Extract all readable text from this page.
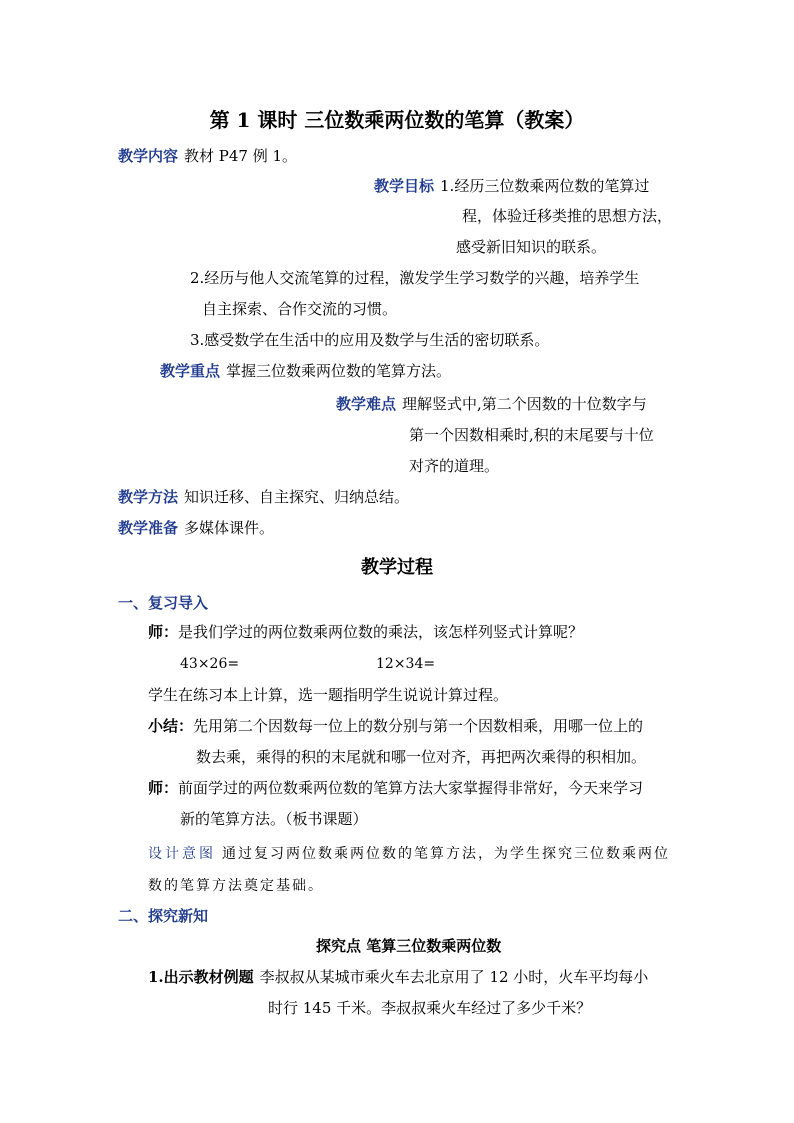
第 1 课时 三位数乘两位数的笔算（教案）
教学内容 教材 P47 例 1。
教学目标 1.经历三位数乘两位数的笔算过
程，体验迁移类推的思想方法，
感受新旧知识的联系。
2.经历与他人交流笔算的过程，激发学生学习数学的兴趣，培养学生
自主探索、合作交流的习惯。
3.感受数学在生活中的应用及数学与生活的密切联系。
教学重点 掌握三位数乘两位数的笔算方法。
教学难点 理解竖式中,第二个因数的十位数字与
第一个因数相乘时,积的末尾要与十位
对齐的道理。
教学方法 知识迁移、自主探究、归纳总结。
教学准备 多媒体课件。
教学过程
一、复习导入
师：是我们学过的两位数乘两位数的乘法，该怎样列竖式计算呢？
43×26=	12×34=
学生在练习本上计算，选一题指明学生说说计算过程。
小结：先用第二个因数每一位上的数分别与第一个因数相乘，用哪一位上的
数去乘，乘得的积的末尾就和哪一位对齐，再把两次乘得的积相加。
师：前面学过的两位数乘两位数的笔算方法大家掌握得非常好，今天来学习
新的笔算方法。（板书课题）
设计意图 通过复习两位数乘两位数的笔算方法，为学生探究三位数乘两位
数的笔算方法奠定基础。
二、探究新知
探究点 笔算三位数乘两位数
1.出示教材例题 李叔叔从某城市乘火车去北京用了 12 小时，火车平均每小
时行 145 千米。李叔叔乘火车经过了多少千米？
